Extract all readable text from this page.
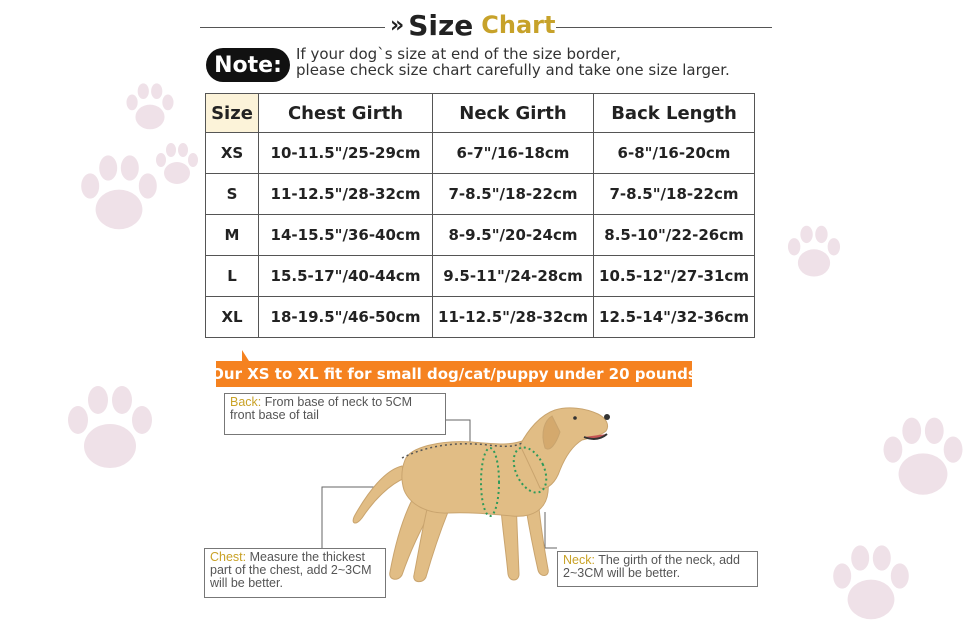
» Size Chart
Note: If your dog`s size at end of the size border,
please check size chart carefully and take one size larger.
Size	Chest Girth	Neck Girth	Back Length
XS	10-11.5"/25-29cm	6-7"/16-18cm	6-8"/16-20cm
S	11-12.5"/28-32cm	7-8.5"/18-22cm	7-8.5"/18-22cm
M	14-15.5"/36-40cm	8-9.5"/20-24cm	8.5-10"/22-26cm
L	15.5-17"/40-44cm	9.5-11"/24-28cm	10.5-12"/27-31cm
XL	18-19.5"/46-50cm	11-12.5"/28-32cm	12.5-14"/32-36cm
Our XS to XL fit for small dog/cat/puppy under 20 pounds
Back: From base of neck to 5CM
front base of tail
Chest: Measure the thickest
part of the chest, add 2~3CM
will be better.
Neck: The girth of the neck, add
2~3CM will be better.
